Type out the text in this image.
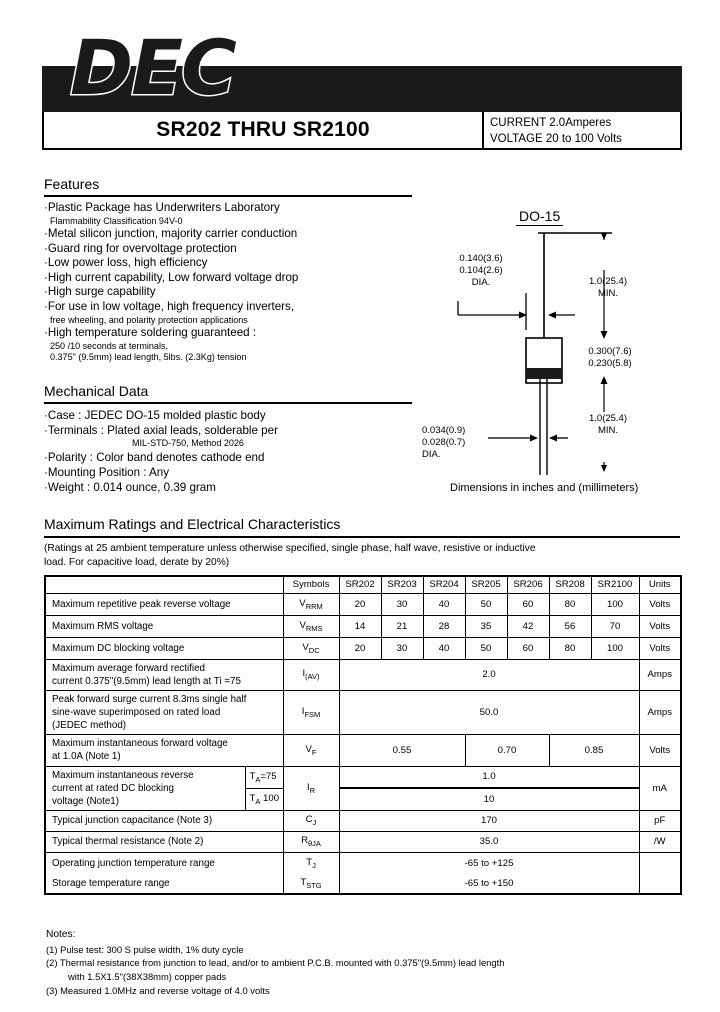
DEC
SR202 THRU SR2100	CURRENT 2.0Amperes
VOLTAGE 20 to 100 Volts
Features
· Plastic Package has Underwriters Laboratory
Flammability Classification 94V-0
· Metal silicon junction, majority carrier conduction
· Guard ring for overvoltage protection
· Low power loss, high efficiency
· High current capability, Low forward voltage drop
· High surge capability
· For use in low voltage, high frequency inverters,
free wheeling, and polarity protection applications
· High temperature soldering guaranteed :
250 /10 seconds at terminals,
0.375" (9.5mm) lead length, 5lbs. (2.3Kg) tension
Mechanical Data
· Case : JEDEC DO-15 molded plastic body
· Terminals : Plated axial leads, solderable per
MIL-STD-750, Method 2026
· Polarity : Color band denotes cathode end
· Mounting Position : Any
· Weight : 0.014 ounce, 0.39 gram
DO-15
0.140(3.6)
0.104(2.6)
DIA.	1.0(25.4)
MIN.
0.300(7.6)
0.230(5.8)
1.0(25.4)
MIN.
0.034(0.9)
0.028(0.7)
DIA.
Dimensions in inches and (millimeters)
Maximum Ratings and Electrical Characteristics
(Ratings at 25 ambient temperature unless otherwise specified, single phase, half wave, resistive or inductive
load. For capacitive load, derate by 20%)
		Symbols	SR202	SR203	SR204	SR205	SR206	SR208	SR2100	Units
Maximum repetitive peak reverse voltage		$V_{RRM}$	20	30	40	50	60	80	100	Volts
Maximum RMS voltage		$V_{RMS}$	14	21	28	35	42	56	70	Volts
Maximum DC blocking voltage		$V_{DC}$	20	30	40	50	60	80	100	Volts

Maximum average forward rectified
current 0.375"(9.5mm) lead length at Ti =75		$I_{(AV)}$	2.0							Amps

Peak forward surge current 8.3ms single half
sine-wave superimposed on rated load
(JEDEC method)		$I_{FSM}$	50.0							Amps

Maximum instantaneous forward voltage
at 1.0A (Note 1)		$V_F$	0.55			0.70		0.85		Volts

Maximum instantaneous reverse
current at rated DC blocking
voltage (Note1)	$T_A=75$	$I_R$	1.0							mA
	$T_A$ 100		10							
Typical junction capacitance (Note 3)		$C_J$	170							pF
Typical thermal resistance (Note 2)		$R_{\theta JA}$	35.0							/W
Operating junction temperature range		$T_J$	-65 to +125							
Storage temperature range		$T_{STG}$	-65 to +150							
Notes:
(1) Pulse test: 300 S pulse width, 1% duty cycle
(2) Thermal resistance from junction to lead, and/or to ambient P.C.B. mounted with 0.375"(9.5mm) lead length
with 1.5X1.5"(38X38mm) copper pads
(3) Measured 1.0MHz and reverse voltage of 4.0 volts
